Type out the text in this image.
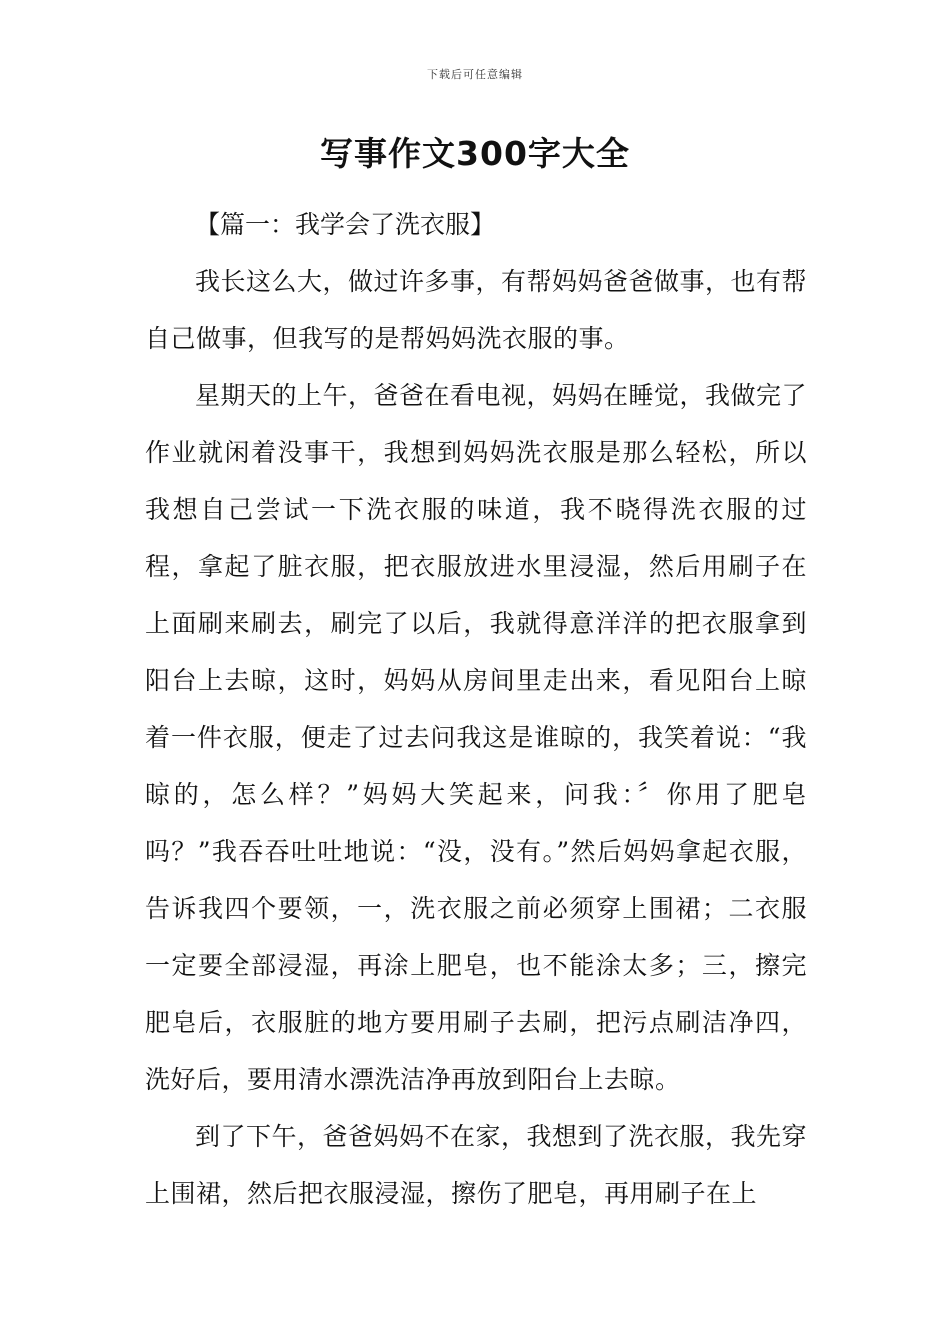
下载后可任意编辑
写事作文300字大全
【篇一：我学会了洗衣服】

我长这么大，做过许多事，有帮妈妈爸爸做事，也有帮自己做事，但我写的是帮妈妈洗衣服的事。

星期天的上午，爸爸在看电视，妈妈在睡觉，我做完了作业就闲着没事干，我想到妈妈洗衣服是那么轻松，所以我想自己尝试一下洗衣服的味道，我不晓得洗衣服的过程，拿起了脏衣服，把衣服放进水里浸湿，然后用刷子在上面刷来刷去，刷完了以后，我就得意洋洋的把衣服拿到阳台上去晾，这时，妈妈从房间里走出来，看见阳台上晾着一件衣服，便走了过去问我这是谁晾的，我笑着说：“我晾的，怎么样？”妈妈大笑起来，问我：〞你用了肥皂吗？”我吞吞吐吐地说：“没，没有。”然后妈妈拿起衣服，告诉我四个要领，一，洗衣服之前必须穿上围裙；二衣服一定要全部浸湿，再涂上肥皂，也不能涂太多；三，擦完肥皂后，衣服脏的地方要用刷子去刷，把污点刷洁净四，洗好后，要用清水漂洗洁净再放到阳台上去晾。

到了下午，爸爸妈妈不在家，我想到了洗衣服，我先穿上围裙，然后把衣服浸湿，擦伤了肥皂，再用刷子在上
